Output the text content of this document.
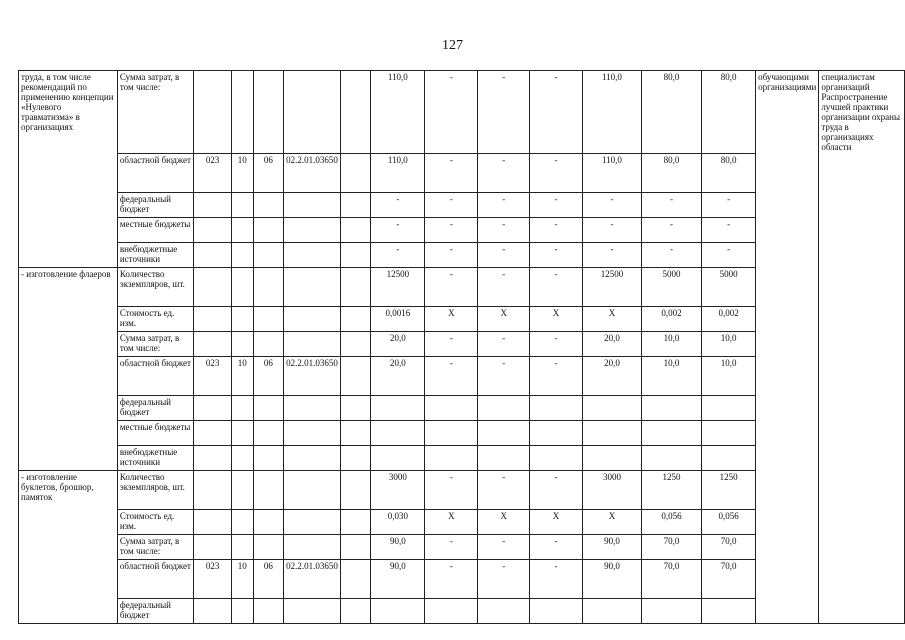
127
труда, в том числе рекомендаций по применению концепции «Нулевого травматизма» в организациях	Сумма затрат, в том числе:						110,0	-	-	-	110,0	80,0	80,0	обучающими организациями	специалистам организаций Распространение лучшей практики организации охраны труда в организациях области
	областной бюджет	023	10	06	02.2.01.03650		110,0	-	-	-	110,0	80,0	80,0		
	федеральный бюджет						-	-	-	-	-	-	-		
	местные бюджеты						-	-	-	-	-	-	-		
	внебюджетные источники						-	-	-	-	-	-	-		
- изготовление флаеров	Количество экземпляров, шт.						12500	-	-	-	12500	5000	5000		
	Стоимость ед. изм.						0,0016	Х	Х	Х	Х	0,002	0,002		
	Сумма затрат, в том числе:						20,0	-	-	-	20,0	10,0	10,0		
	областной бюджет	023	10	06	02.2.01.03650		20,0	-	-	-	20,0	10,0	10,0		
	федеральный бюджет														
	местные бюджеты														
	внебюджетные источники														
- изготовление буклетов, брошюр, памяток	Количество экземпляров, шт.						3000	-	-	-	3000	1250	1250		
	Стоимость ед. изм.						0,030	Х	Х	Х	Х	0,056	0,056		
	Сумма затрат, в том числе:						90,0	-	-	-	90,0	70,0	70,0		
	областной бюджет	023	10	06	02.2.01.03650		90,0	-	-	-	90,0	70,0	70,0		
	федеральный бюджет														
